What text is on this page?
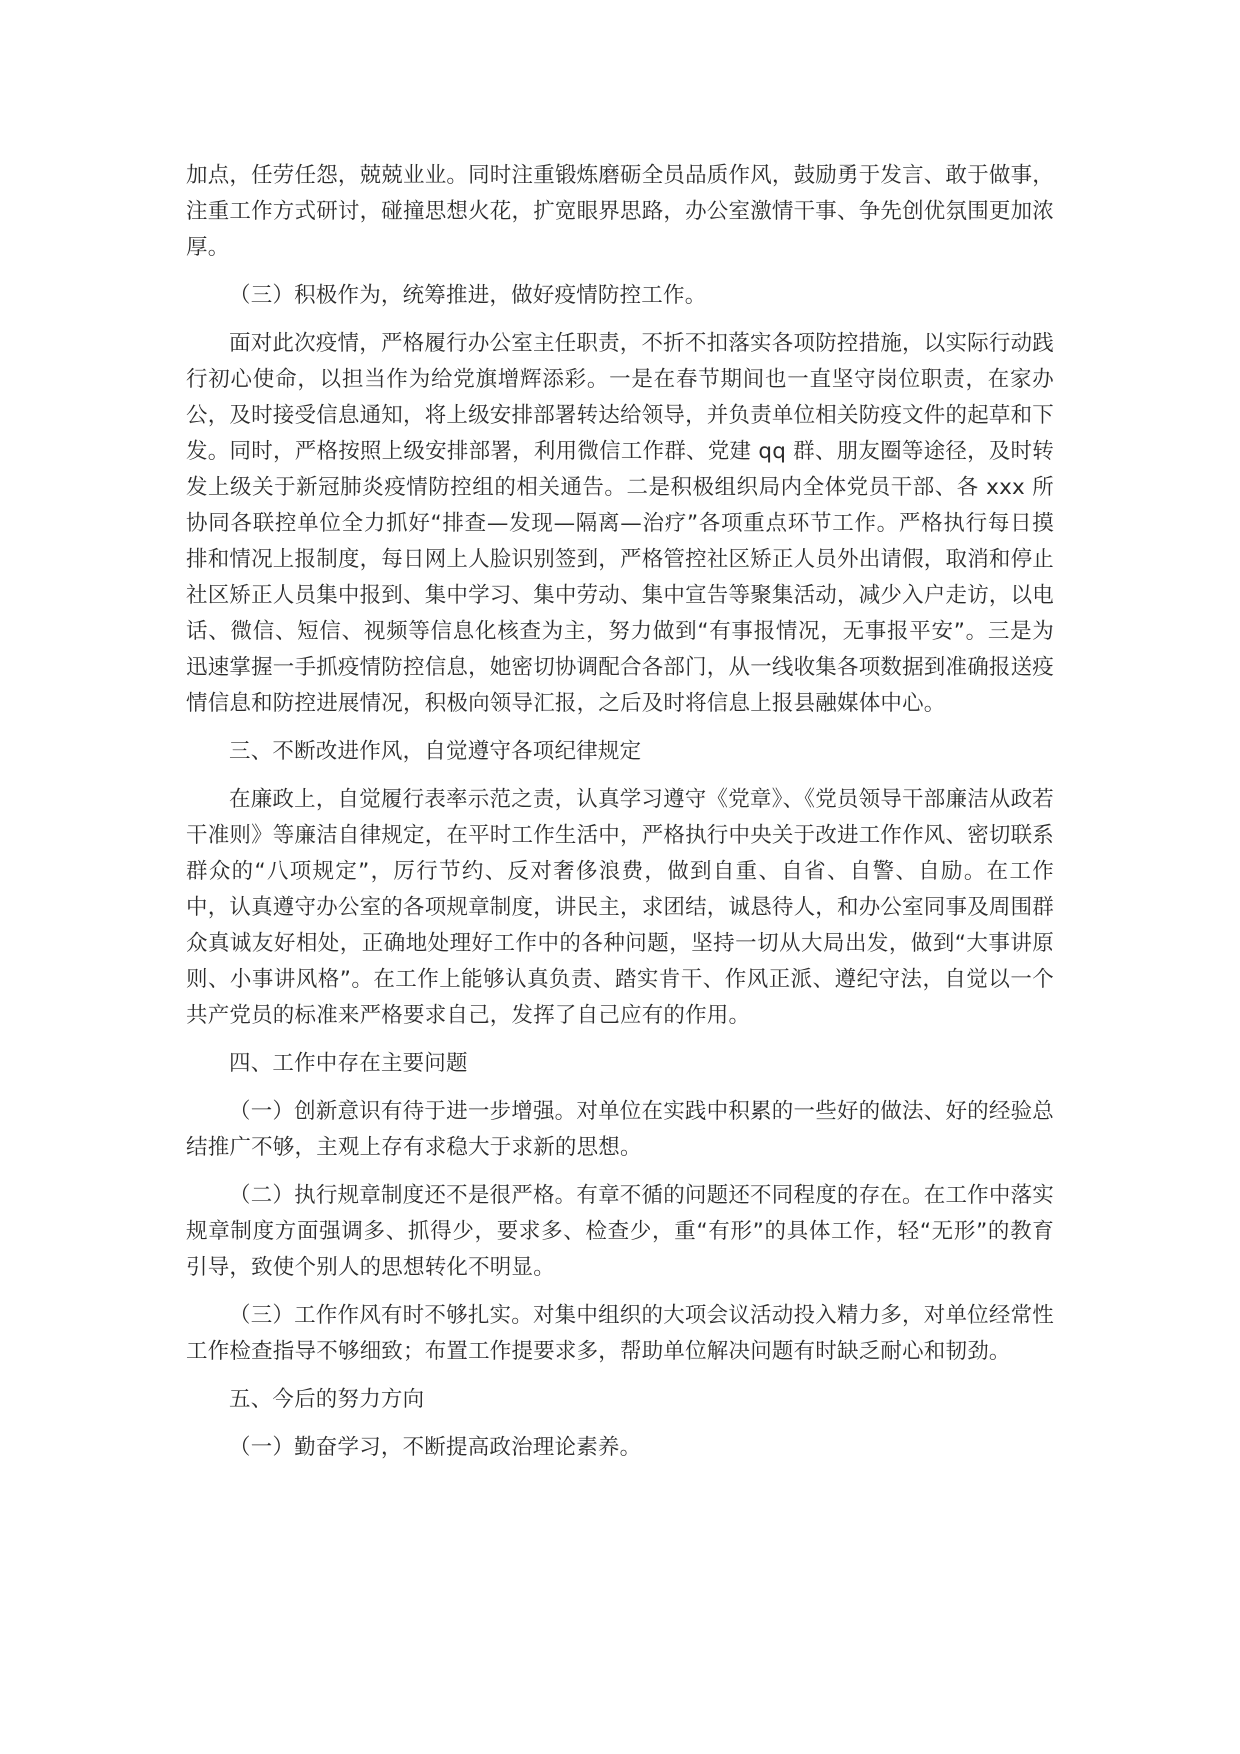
加点，任劳任怨，兢兢业业。同时注重锻炼磨砺全员品质作风，鼓励勇于发言、敢于做事，注重工作方式研讨，碰撞思想火花，扩宽眼界思路，办公室激情干事、争先创优氛围更加浓厚。

（三）积极作为，统筹推进，做好疫情防控工作。

面对此次疫情，严格履行办公室主任职责，不折不扣落实各项防控措施，以实际行动践行初心使命，以担当作为给党旗增辉添彩。一是在春节期间也一直坚守岗位职责，在家办公，及时接受信息通知，将上级安排部署转达给领导，并负责单位相关防疫文件的起草和下发。同时，严格按照上级安排部署，利用微信工作群、党建 qq 群、朋友圈等途径，及时转发上级关于新冠肺炎疫情防控组的相关通告。二是积极组织局内全体党员干部、各 xxx 所协同各联控单位全力抓好“排查—发现—隔离—治疗”各项重点环节工作。严格执行每日摸排和情况上报制度，每日网上人脸识别签到，严格管控社区矫正人员外出请假，取消和停止社区矫正人员集中报到、集中学习、集中劳动、集中宣告等聚集活动，减少入户走访，以电话、微信、短信、视频等信息化核查为主，努力做到“有事报情况，无事报平安”。三是为迅速掌握一手抓疫情防控信息，她密切协调配合各部门，从一线收集各项数据到准确报送疫情信息和防控进展情况，积极向领导汇报，之后及时将信息上报县融媒体中心。

三、不断改进作风，自觉遵守各项纪律规定

在廉政上，自觉履行表率示范之责，认真学习遵守《党章》、《党员领导干部廉洁从政若干准则》等廉洁自律规定，在平时工作生活中，严格执行中央关于改进工作作风、密切联系群众的“八项规定”，厉行节约、反对奢侈浪费，做到自重、自省、自警、自励。在工作中，认真遵守办公室的各项规章制度，讲民主，求团结，诚恳待人，和办公室同事及周围群众真诚友好相处，正确地处理好工作中的各种问题，坚持一切从大局出发，做到“大事讲原则、小事讲风格”。在工作上能够认真负责、踏实肯干、作风正派、遵纪守法，自觉以一个共产党员的标准来严格要求自己，发挥了自己应有的作用。

四、工作中存在主要问题

（一）创新意识有待于进一步增强。对单位在实践中积累的一些好的做法、好的经验总结推广不够，主观上存有求稳大于求新的思想。

（二）执行规章制度还不是很严格。有章不循的问题还不同程度的存在。在工作中落实规章制度方面强调多、抓得少，要求多、检查少，重“有形”的具体工作，轻“无形”的教育引导，致使个别人的思想转化不明显。

（三）工作作风有时不够扎实。对集中组织的大项会议活动投入精力多，对单位经常性工作检查指导不够细致；布置工作提要求多，帮助单位解决问题有时缺乏耐心和韧劲。

五、今后的努力方向

（一）勤奋学习，不断提高政治理论素养。
